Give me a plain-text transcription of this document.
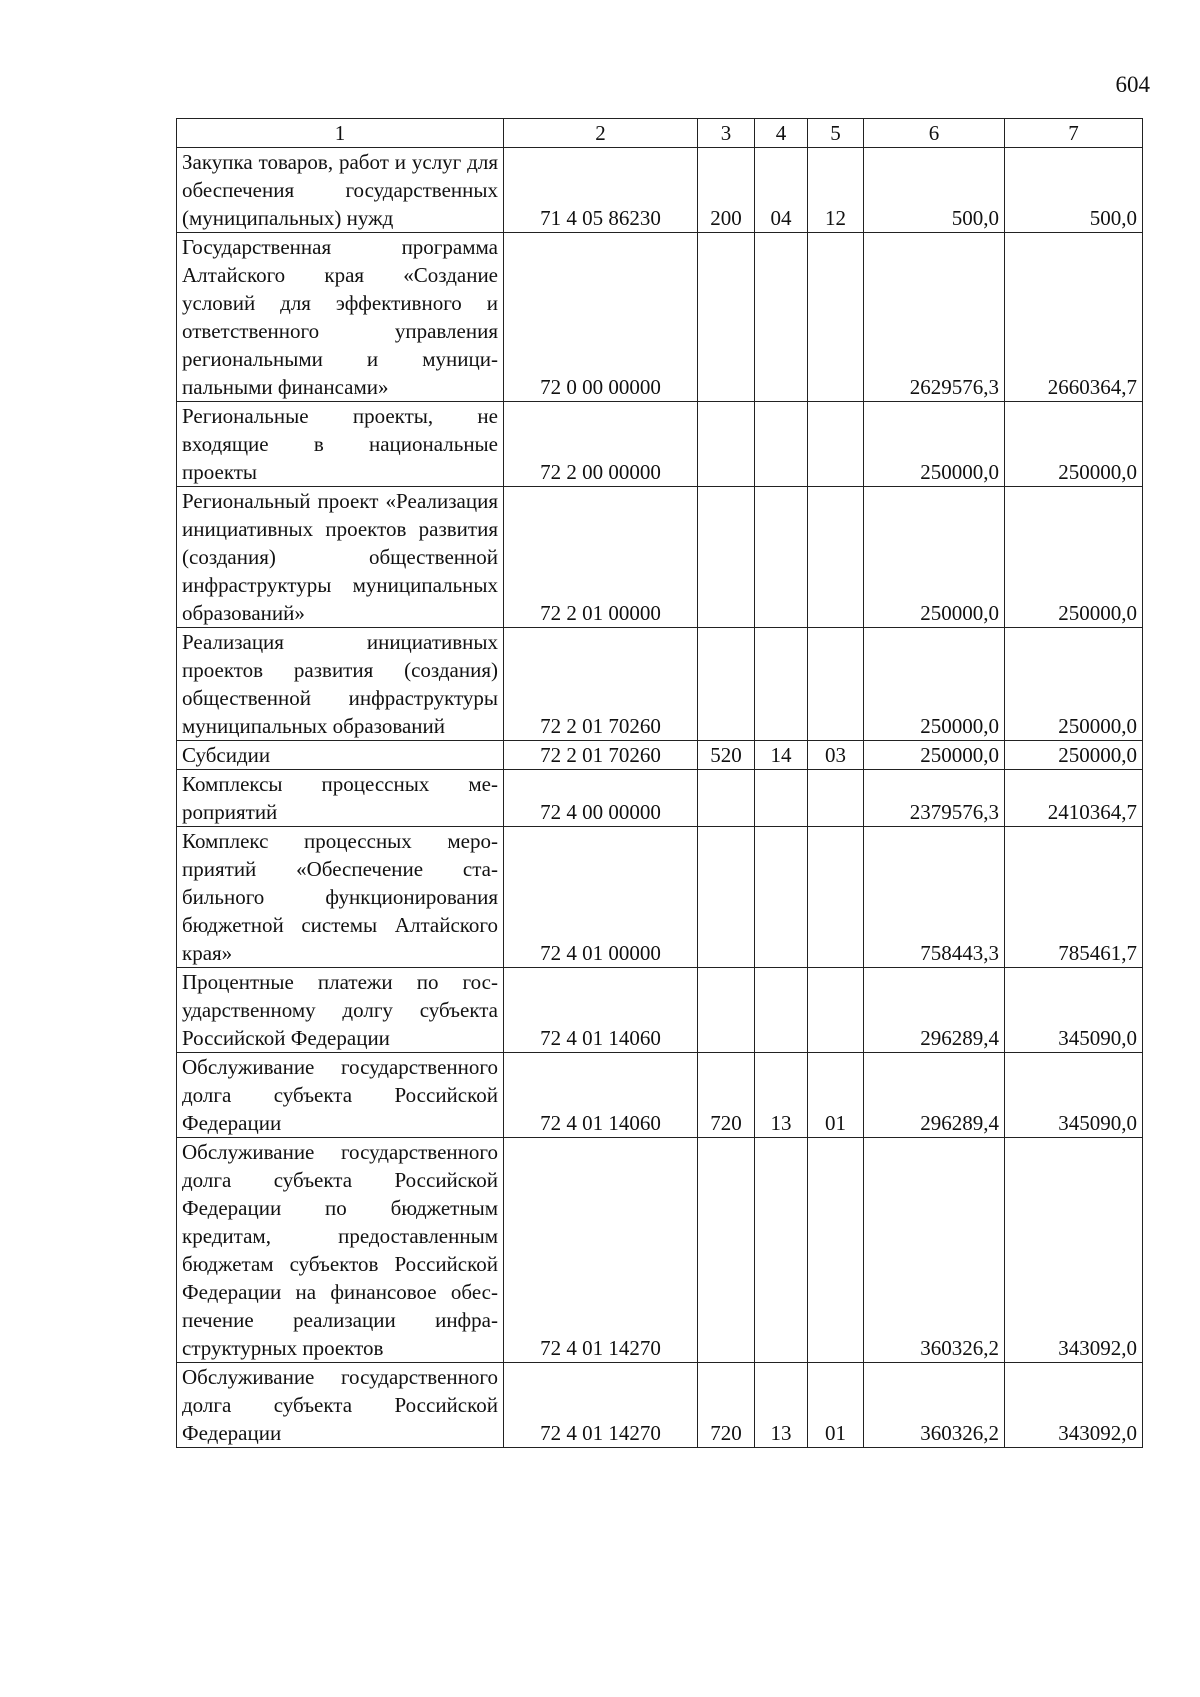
604
1	2	3	4	5	6	7
Закупка товаров, работ и услуг для обеспечения государственных (муниципальных) нужд	71 4 05 86230	200	04	12	500,0	500,0
Государственная программа Алтайского края «Создание условий для эффективного и ответственного управления региональными и муниципальными финансами»	72 0 00 00000				2629576,3	2660364,7
Региональные проекты, не входящие в национальные проекты	72 2 00 00000				250000,0	250000,0
Региональный проект «Реализация инициативных проектов развития (создания) общественной инфраструктуры муниципальных образований»	72 2 01 00000				250000,0	250000,0
Реализация инициативных проектов развития (создания) общественной инфраструктуры муниципальных образований	72 2 01 70260				250000,0	250000,0
Субсидии	72 2 01 70260	520	14	03	250000,0	250000,0
Комплексы процессных мероприятий	72 4 00 00000				2379576,3	2410364,7
Комплекс процессных мероприятий «Обеспечение стабильного функционирования бюджетной системы Алтайского края»	72 4 01 00000				758443,3	785461,7
Процентные платежи по государственному долгу субъекта Российской Федерации	72 4 01 14060				296289,4	345090,0
Обслуживание государственного долга субъекта Российской Федерации	72 4 01 14060	720	13	01	296289,4	345090,0
Обслуживание государственного долга субъекта Российской Федерации по бюджетным кредитам, предоставленным бюджетам субъектов Российской Федерации на финансовое обеспечение реализации инфраструктурных проектов	72 4 01 14270				360326,2	343092,0
Обслуживание государственного долга субъекта Российской Федерации	72 4 01 14270	720	13	01	360326,2	343092,0
